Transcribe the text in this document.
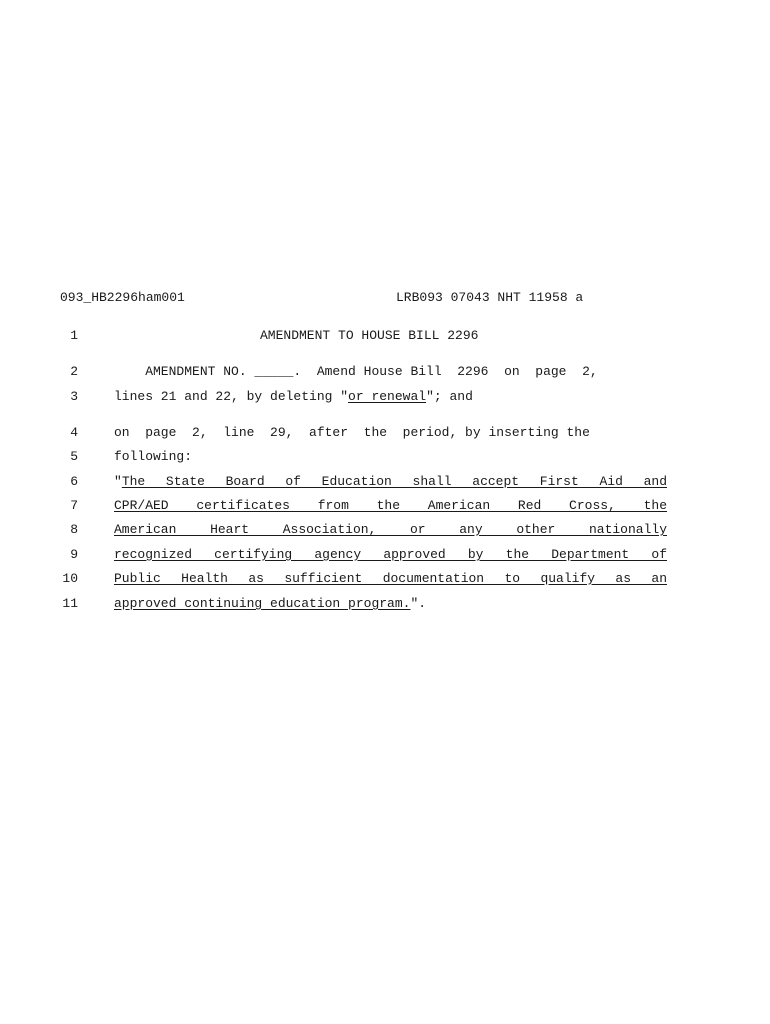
093_HB2296ham001	LRB093 07043 NHT 11958 a
1	AMENDMENT TO HOUSE BILL 2296
2	AMENDMENT NO. _____.  Amend House Bill  2296  on  page  2,
3	lines 21 and 22, by deleting "or renewal"; and
4	on  page  2,  line  29,  after  the  period, by inserting the
5	following:
6	" The State Board of Education shall accept First Aid and
7	CPR/AED certificates from the American Red Cross, the
8	American Heart Association, or any other nationally
9	recognized certifying agency approved by the Department of
10	Public Health as sufficient documentation to qualify as an
11	approved continuing education program.".
